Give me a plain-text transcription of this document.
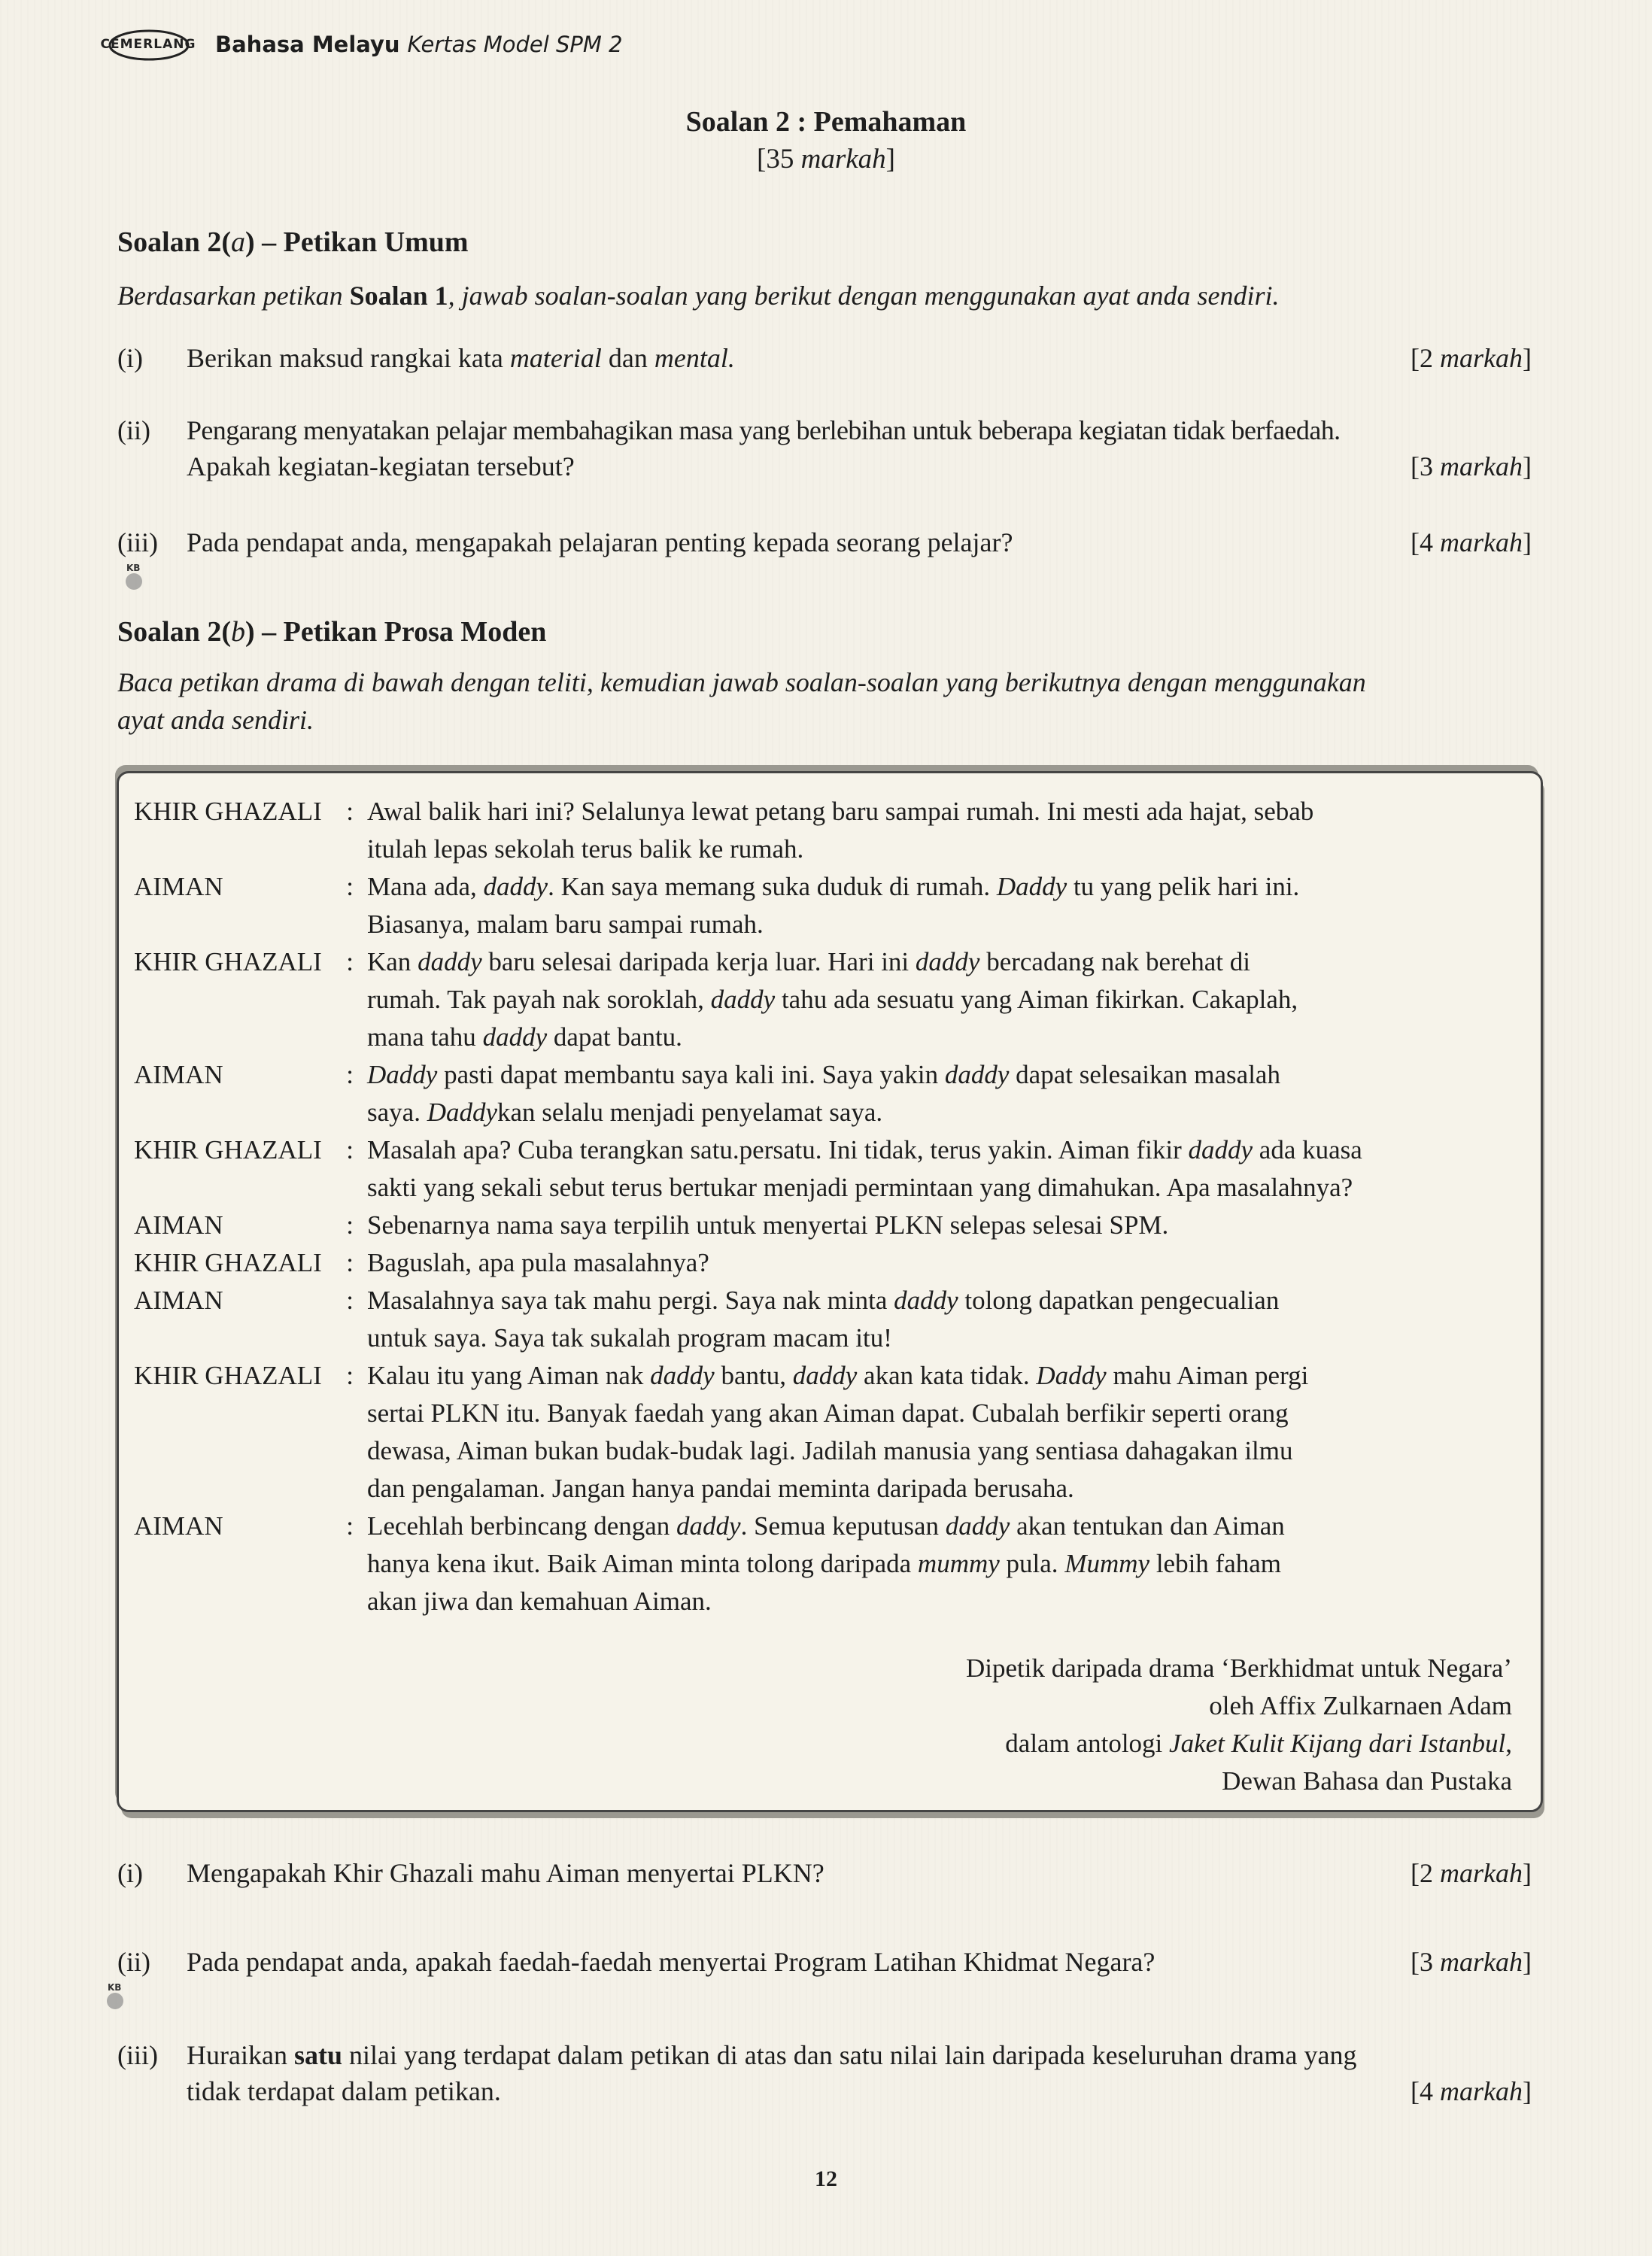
CEMERLANG Bahasa Melayu Kertas Model SPM 2
Soalan 2 : Pemahaman
[35 markah]
Soalan 2(a) – Petikan Umum
Berdasarkan petikan Soalan 1, jawab soalan-soalan yang berikut dengan menggunakan ayat anda sendiri.
(i)	Berikan maksud rangkai kata material dan mental.	[2 markah]
(ii)	Pengarang menyatakan pelajar membahagikan masa yang berlebihan untuk beberapa kegiatan tidak berfaedah.
Apakah kegiatan-kegiatan tersebut?	[3 markah]
(iii)	Pada pendapat anda, mengapakah pelajaran penting kepada seorang pelajar?	[4 markah]
KB
Soalan 2(b) – Petikan Prosa Moden
Baca petikan drama di bawah dengan teliti, kemudian jawab soalan-soalan yang berikutnya dengan menggunakan
ayat anda sendiri.
KHIR GHAZALI : Awal balik hari ini? Selalunya lewat petang baru sampai rumah. Ini mesti ada hajat, sebab
itulah lepas sekolah terus balik ke rumah.
AIMAN	: Mana ada, daddy. Kan saya memang suka duduk di rumah. Daddy tu yang pelik hari ini.
Biasanya, malam baru sampai rumah.
KHIR GHAZALI : Kan daddy baru selesai daripada kerja luar. Hari ini daddy bercadang nak berehat di
rumah. Tak payah nak soroklah, daddy tahu ada sesuatu yang Aiman fikirkan. Cakaplah,
mana tahu daddy dapat bantu.
AIMAN	: Daddy pasti dapat membantu saya kali ini. Saya yakin daddy dapat selesaikan masalah
saya. Daddykan selalu menjadi penyelamat saya.
KHIR GHAZALI : Masalah apa? Cuba terangkan satu.persatu. Ini tidak, terus yakin. Aiman fikir daddy ada kuasa
sakti yang sekali sebut terus bertukar menjadi permintaan yang dimahukan. Apa masalahnya?
AIMAN	: Sebenarnya nama saya terpilih untuk menyertai PLKN selepas selesai SPM.
KHIR GHAZALI : Baguslah, apa pula masalahnya?
AIMAN	: Masalahnya saya tak mahu pergi. Saya nak minta daddy tolong dapatkan pengecualian
untuk saya. Saya tak sukalah program macam itu!
KHIR GHAZALI : Kalau itu yang Aiman nak daddy bantu, daddy akan kata tidak. Daddy mahu Aiman pergi
sertai PLKN itu. Banyak faedah yang akan Aiman dapat. Cubalah berfikir seperti orang
dewasa, Aiman bukan budak-budak lagi. Jadilah manusia yang sentiasa dahagakan ilmu
dan pengalaman. Jangan hanya pandai meminta daripada berusaha.
AIMAN	: Lecehlah berbincang dengan daddy. Semua keputusan daddy akan tentukan dan Aiman
hanya kena ikut. Baik Aiman minta tolong daripada mummy pula. Mummy lebih faham
akan jiwa dan kemahuan Aiman.
Dipetik daripada drama ‘Berkhidmat untuk Negara’
oleh Affix Zulkarnaen Adam
dalam antologi Jaket Kulit Kijang dari Istanbul,
Dewan Bahasa dan Pustaka
(i)	Mengapakah Khir Ghazali mahu Aiman menyertai PLKN?	[2 markah]
(ii)	Pada pendapat anda, apakah faedah-faedah menyertai Program Latihan Khidmat Negara?	[3 markah]
KB
(iii)	Huraikan satu nilai yang terdapat dalam petikan di atas dan satu nilai lain daripada keseluruhan drama yang
tidak terdapat dalam petikan.	[4 markah]
12
